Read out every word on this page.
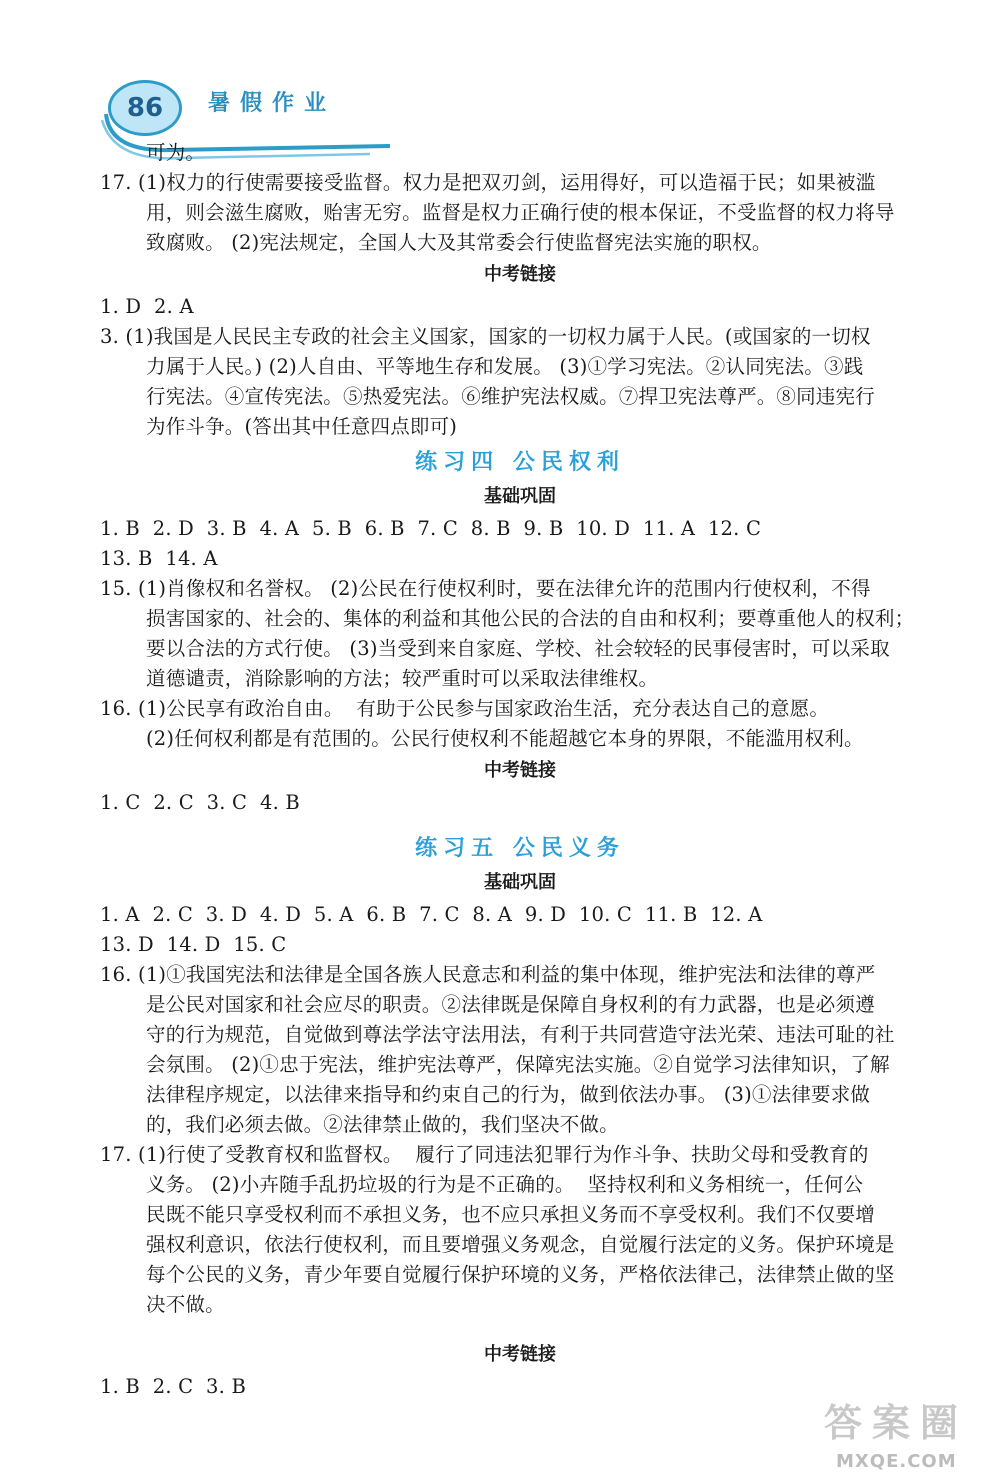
86	暑假作业
可为。
17. (1)权力的行使需要接受监督。权力是把双刃剑，运用得好，可以造福于民；如果被滥
用，则会滋生腐败，贻害无穷。监督是权力正确行使的根本保证，不受监督的权力将导
致腐败。 (2)宪法规定，全国人大及其常委会行使监督宪法实施的职权。
中考链接
1. D  2. A
3. (1)我国是人民民主专政的社会主义国家，国家的一切权力属于人民。(或国家的一切权
力属于人民。) (2)人自由、平等地生存和发展。 (3)①学习宪法。②认同宪法。③践
行宪法。④宣传宪法。⑤热爱宪法。⑥维护宪法权威。⑦捍卫宪法尊严。⑧同违宪行
为作斗争。(答出其中任意四点即可)
练习四 公民权利
基础巩固
1. B  2. D  3. B  4. A  5. B  6. B  7. C  8. B  9. B  10. D  11. A  12. C
13. B  14. A
15. (1)肖像权和名誉权。 (2)公民在行使权利时，要在法律允许的范围内行使权利，不得
损害国家的、社会的、集体的利益和其他公民的合法的自由和权利；要尊重他人的权利；
要以合法的方式行使。 (3)当受到来自家庭、学校、社会较轻的民事侵害时，可以采取
道德谴责，消除影响的方法；较严重时可以采取法律维权。
16. (1)公民享有政治自由。  有助于公民参与国家政治生活，充分表达自己的意愿。
(2)任何权利都是有范围的。公民行使权利不能超越它本身的界限，不能滥用权利。
中考链接
1. C  2. C  3. C  4. B
练习五 公民义务
基础巩固
1. A  2. C  3. D  4. D  5. A  6. B  7. C  8. A  9. D  10. C  11. B  12. A
13. D  14. D  15. C
16. (1)①我国宪法和法律是全国各族人民意志和利益的集中体现，维护宪法和法律的尊严
是公民对国家和社会应尽的职责。②法律既是保障自身权利的有力武器，也是必须遵
守的行为规范，自觉做到尊法学法守法用法，有利于共同营造守法光荣、违法可耻的社
会氛围。 (2)①忠于宪法，维护宪法尊严，保障宪法实施。②自觉学习法律知识，了解
法律程序规定，以法律来指导和约束自己的行为，做到依法办事。 (3)①法律要求做
的，我们必须去做。②法律禁止做的，我们坚决不做。
17. (1)行使了受教育权和监督权。  履行了同违法犯罪行为作斗争、扶助父母和受教育的
义务。 (2)小卉随手乱扔垃圾的行为是不正确的。  坚持权利和义务相统一，任何公
民既不能只享受权利而不承担义务，也不应只承担义务而不享受权利。我们不仅要增
强权利意识，依法行使权利，而且要增强义务观念，自觉履行法定的义务。保护环境是
每个公民的义务，青少年要自觉履行保护环境的义务，严格依法律己，法律禁止做的坚
决不做。
中考链接
1. B  2. C  3. B
答 案 圈
MXQE.COM
